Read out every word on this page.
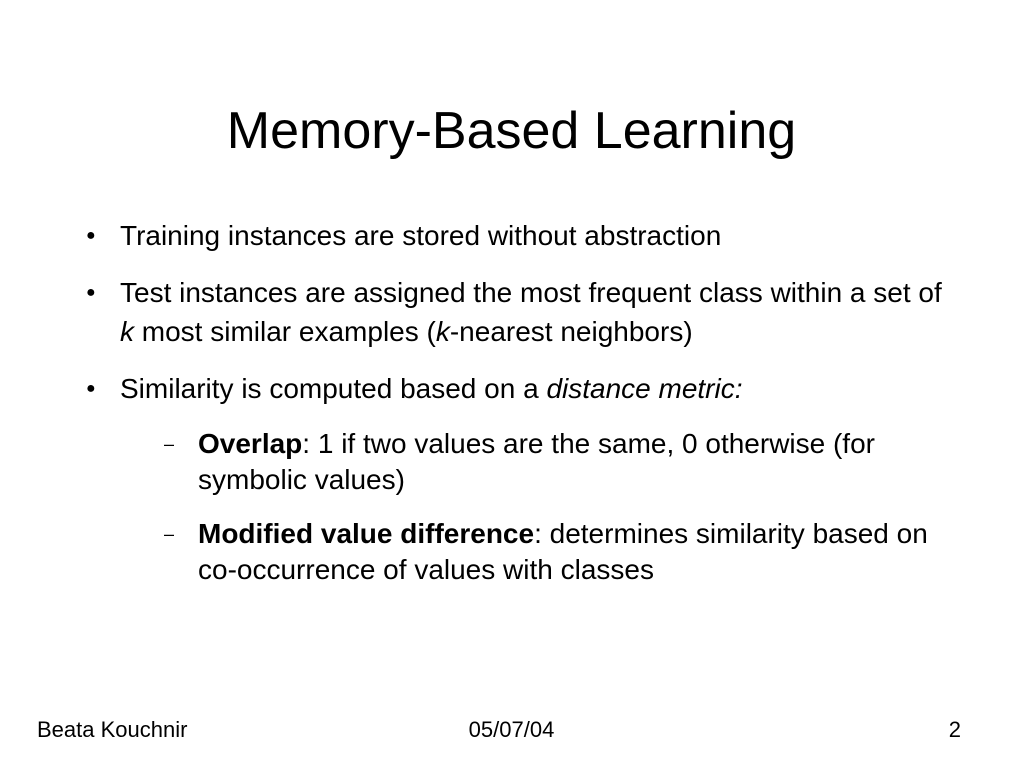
Memory-Based Learning
● Training instances are stored without abstraction
● Test instances are assigned the most frequent class within a set of k most similar examples (k-nearest neighbors)
● Similarity is computed based on a distance metric:
– Overlap: 1 if two values are the same, 0 otherwise (for symbolic values)
– Modified value difference: determines similarity based on co-occurrence of values with classes
Beata Kouchnir	05/07/04	2
